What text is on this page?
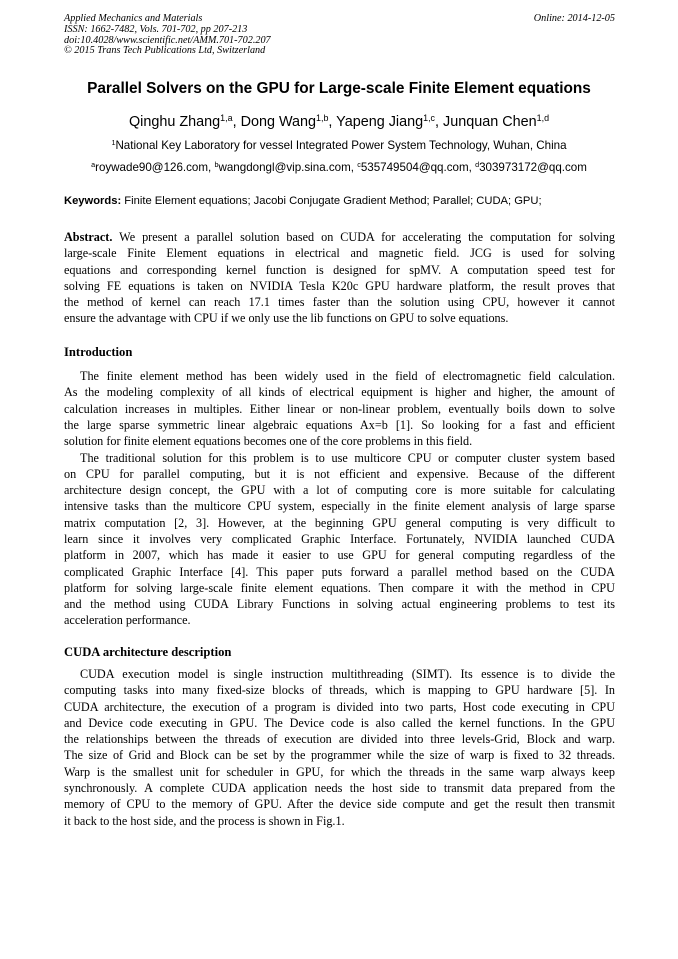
Applied Mechanics and Materials
ISSN: 1662-7482, Vols. 701-702, pp 207-213
doi:10.4028/www.scientific.net/AMM.701-702.207
© 2015 Trans Tech Publications Ltd, Switzerland
Online: 2014-12-05
Parallel Solvers on the GPU for Large-scale Finite Element equations
Qinghu Zhang$^{1,a}$, Dong Wang$^{1,b}$, Yapeng Jiang$^{1,c}$, Junquan Chen$^{1,d}$
$^1$National Key Laboratory for vessel Integrated Power System Technology, Wuhan, China
$^a$roywade90@126.com, $^b$wangdongl@vip.sina.com, $^c$535749504@qq.com, $^d$303973172@qq.com
Keywords: Finite Element equations; Jacobi Conjugate Gradient Method; Parallel; CUDA; GPU;
Abstract. We present a parallel solution based on CUDA for accelerating the computation for solving
large-scale Finite Element equations in electrical and magnetic field. JCG is used for solving
equations and corresponding kernel function is designed for spMV. A computation speed test for
solving FE equations is taken on NVIDIA Tesla K20c GPU hardware platform, the result proves that
the method of kernel can reach 17.1 times faster than the solution using CPU, however it cannot
ensure the advantage with CPU if we only use the lib functions on GPU to solve equations.
Introduction
The finite element method has been widely used in the field of electromagnetic field calculation.
As the modeling complexity of all kinds of electrical equipment is higher and higher, the amount of
calculation increases in multiples. Either linear or non-linear problem, eventually boils down to solve
the large sparse symmetric linear algebraic equations Ax=b [1]. So looking for a fast and efficient
solution for finite element equations becomes one of the core problems in this field.
The traditional solution for this problem is to use multicore CPU or computer cluster system based
on CPU for parallel computing, but it is not efficient and expensive. Because of the different
architecture design concept, the GPU with a lot of computing core is more suitable for calculating
intensive tasks than the multicore CPU system, especially in the finite element analysis of large sparse
matrix computation [2, 3]. However, at the beginning GPU general computing is very difficult to
learn since it involves very complicated Graphic Interface. Fortunately, NVIDIA launched CUDA
platform in 2007, which has made it easier to use GPU for general computing regardless of the
complicated Graphic Interface [4]. This paper puts forward a parallel method based on the CUDA
platform for solving large-scale finite element equations. Then compare it with the method in CPU
and the method using CUDA Library Functions in solving actual engineering problems to test its
acceleration performance.
CUDA architecture description
CUDA execution model is single instruction multithreading (SIMT). Its essence is to divide the
computing tasks into many fixed-size blocks of threads, which is mapping to GPU hardware [5]. In
CUDA architecture, the execution of a program is divided into two parts, Host code executing in CPU
and Device code executing in GPU. The Device code is also called the kernel functions. In the GPU
the relationships between the threads of execution are divided into three levels-Grid, Block and warp.
The size of Grid and Block can be set by the programmer while the size of warp is fixed to 32 threads.
Warp is the smallest unit for scheduler in GPU, for which the threads in the same warp always keep
synchronously. A complete CUDA application needs the host side to transmit data prepared from the
memory of CPU to the memory of GPU. After the device side compute and get the result then transmit
it back to the host side, and the process is shown in Fig.1.
